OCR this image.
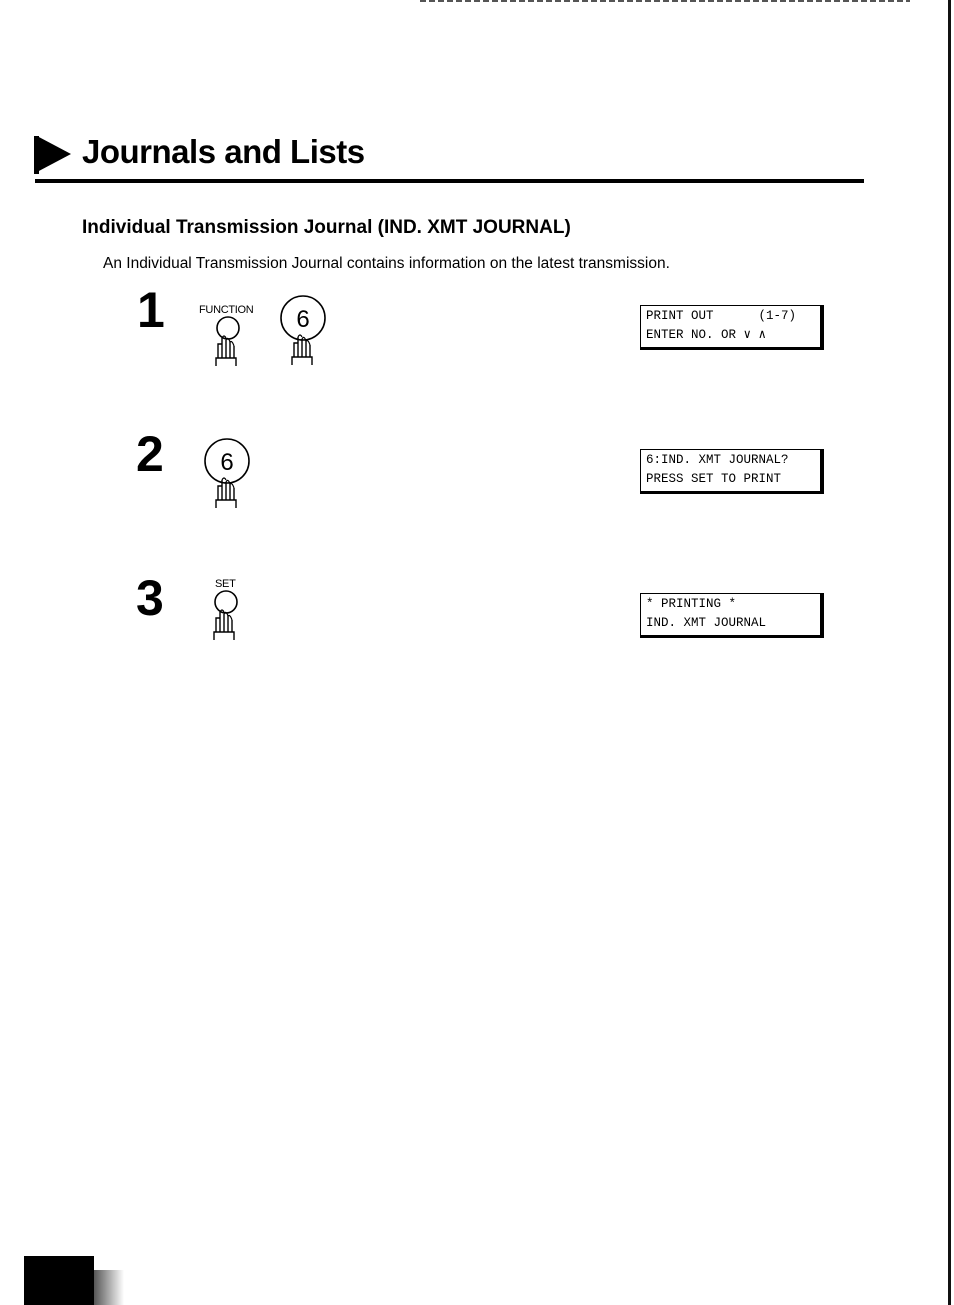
Journals and Lists
Individual Transmission Journal (IND. XMT JOURNAL)
An Individual Transmission Journal contains information on the latest transmission.
1	FUNCTION 6	PRINT OUT      (1-7)
ENTER NO. OR ∨ ∧
2 6	6:IND. XMT JOURNAL?
PRESS SET TO PRINT
3	SET
* PRINTING *
IND. XMT JOURNAL
